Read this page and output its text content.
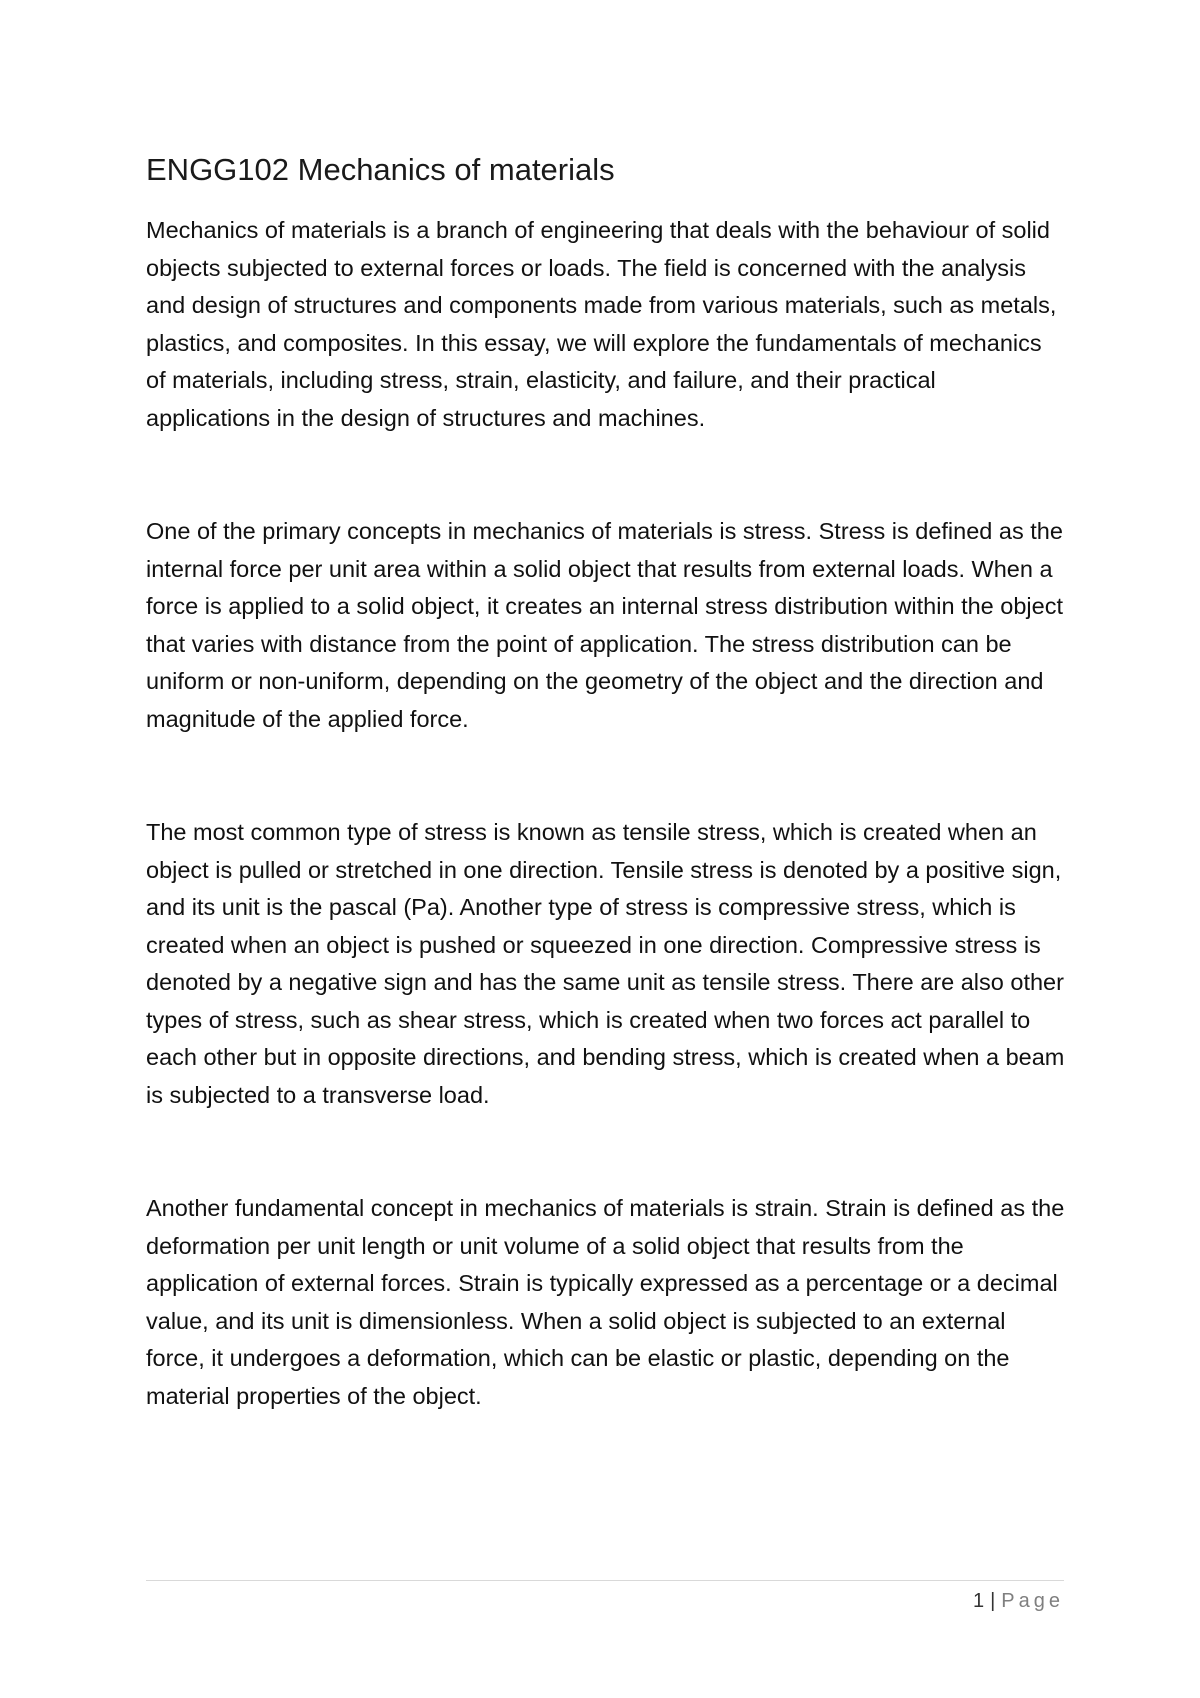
ENGG102 Mechanics of materials

Mechanics of materials is a branch of engineering that deals with the behaviour of solid objects subjected to external forces or loads. The field is concerned with the analysis and design of structures and components made from various materials, such as metals, plastics, and composites. In this essay, we will explore the fundamentals of mechanics of materials, including stress, strain, elasticity, and failure, and their practical applications in the design of structures and machines.

One of the primary concepts in mechanics of materials is stress. Stress is defined as the internal force per unit area within a solid object that results from external loads. When a force is applied to a solid object, it creates an internal stress distribution within the object that varies with distance from the point of application. The stress distribution can be uniform or non-uniform, depending on the geometry of the object and the direction and magnitude of the applied force.

The most common type of stress is known as tensile stress, which is created when an object is pulled or stretched in one direction. Tensile stress is denoted by a positive sign, and its unit is the pascal (Pa). Another type of stress is compressive stress, which is created when an object is pushed or squeezed in one direction. Compressive stress is denoted by a negative sign and has the same unit as tensile stress. There are also other types of stress, such as shear stress, which is created when two forces act parallel to each other but in opposite directions, and bending stress, which is created when a beam is subjected to a transverse load.

Another fundamental concept in mechanics of materials is strain. Strain is defined as the deformation per unit length or unit volume of a solid object that results from the application of external forces. Strain is typically expressed as a percentage or a decimal value, and its unit is dimensionless. When a solid object is subjected to an external force, it undergoes a deformation, which can be elastic or plastic, depending on the material properties of the object.

1 | Page
